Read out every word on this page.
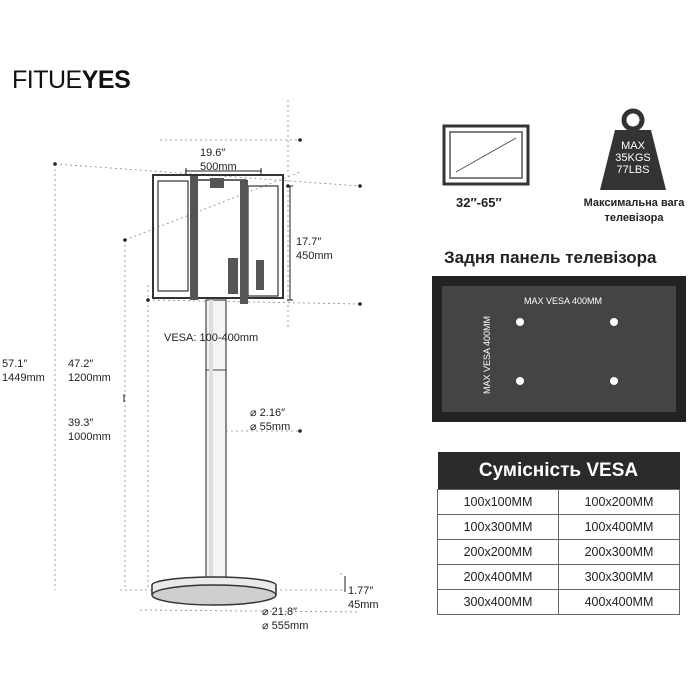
FITUEYES
19.6″
500mm
17.7″
450mm
VESA: 100-400mm
57.1″
1449mm
47.2″
1200mm
39.3″
1000mm
⌀ 2.16″
⌀ 55mm
1.77″
45mm
⌀ 21.8″
⌀ 555mm
32″-65″
MAX
35KGS
77LBS
Максимальна вага
телевізора
Задня панель телевізора
MAX VESA 400MM
MAX VESA 400MM
Сумісність VESA	
100x100MM	100x200MM
100x300MM	100x400MM
200x200MM	200x300MM
200x400MM	300x300MM
300x400MM	400x400MM
